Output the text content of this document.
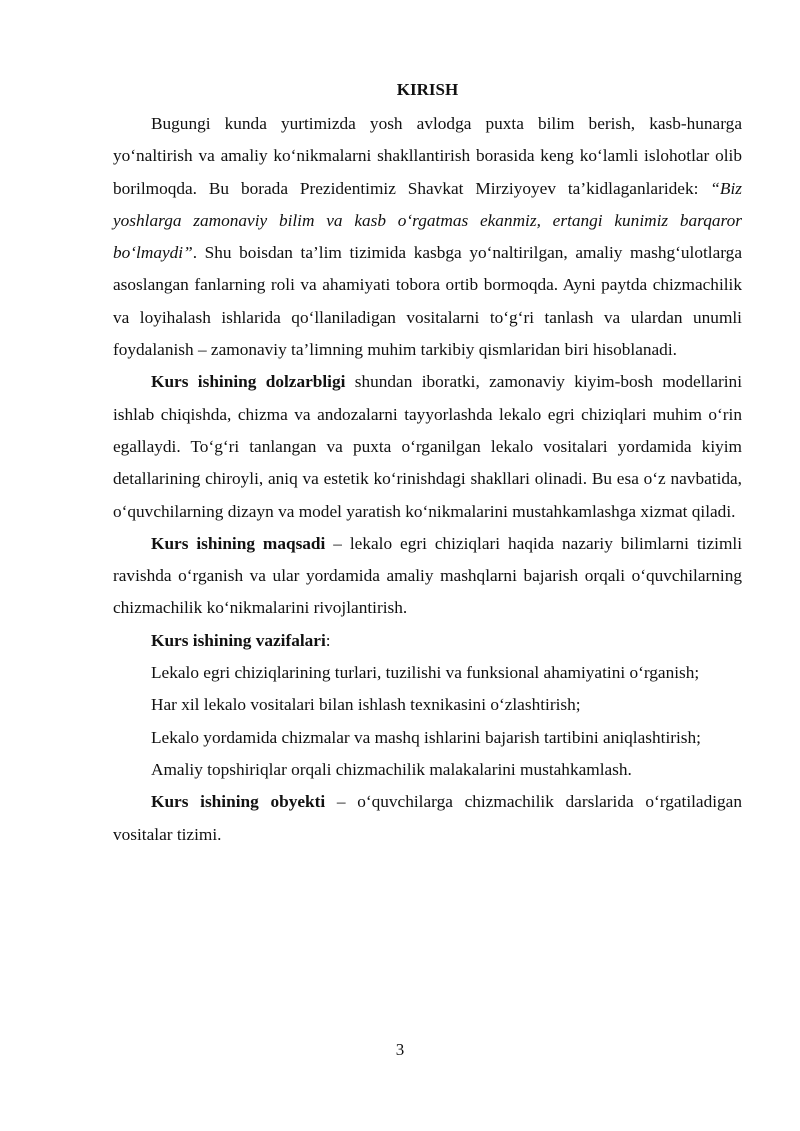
KIRISH

Bugungi kunda yurtimizda yosh avlodga puxta bilim berish, kasb-hunarga yo‘naltirish va amaliy ko‘nikmalarni shakllantirish borasida keng ko‘lamli islohotlar olib borilmoqda. Bu borada Prezidentimiz Shavkat Mirziyoyev ta’kidlaganlaridek: “Biz yoshlarga zamonaviy bilim va kasb o‘rgatmas ekanmiz, ertangi kunimiz barqaror bo‘lmaydi”. Shu boisdan ta’lim tizimida kasbga yo‘naltirilgan, amaliy mashg‘ulotlarga asoslangan fanlarning roli va ahamiyati tobora ortib bormoqda. Ayni paytda chizmachilik va loyihalash ishlarida qo‘llaniladigan vositalarni to‘g‘ri tanlash va ulardan unumli foydalanish – zamonaviy ta’limning muhim tarkibiy qismlaridan biri hisoblanadi.

Kurs ishining dolzarbligi shundan iboratki, zamonaviy kiyim-bosh modellarini ishlab chiqishda, chizma va andozalarni tayyorlashda lekalo egri chiziqlari muhim o‘rin egallaydi. To‘g‘ri tanlangan va puxta o‘rganilgan lekalo vositalari yordamida kiyim detallarining chiroyli, aniq va estetik ko‘rinishdagi shakllari olinadi. Bu esa o‘z navbatida, o‘quvchilarning dizayn va model yaratish ko‘nikmalarini mustahkamlashga xizmat qiladi.

Kurs ishining maqsadi – lekalo egri chiziqlari haqida nazariy bilimlarni tizimli ravishda o‘rganish va ular yordamida amaliy mashqlarni bajarish orqali o‘quvchilarning chizmachilik ko‘nikmalarini rivojlantirish.

Kurs ishining vazifalari:

Lekalo egri chiziqlarining turlari, tuzilishi va funksional ahamiyatini o‘rganish;

Har xil lekalo vositalari bilan ishlash texnikasini o‘zlashtirish;

Lekalo yordamida chizmalar va mashq ishlarini bajarish tartibini aniqlashtirish;

Amaliy topshiriqlar orqali chizmachilik malakalarini mustahkamlash.

Kurs ishining obyekti – o‘quvchilarga chizmachilik darslarida o‘rgatiladigan vositalar tizimi.

3
